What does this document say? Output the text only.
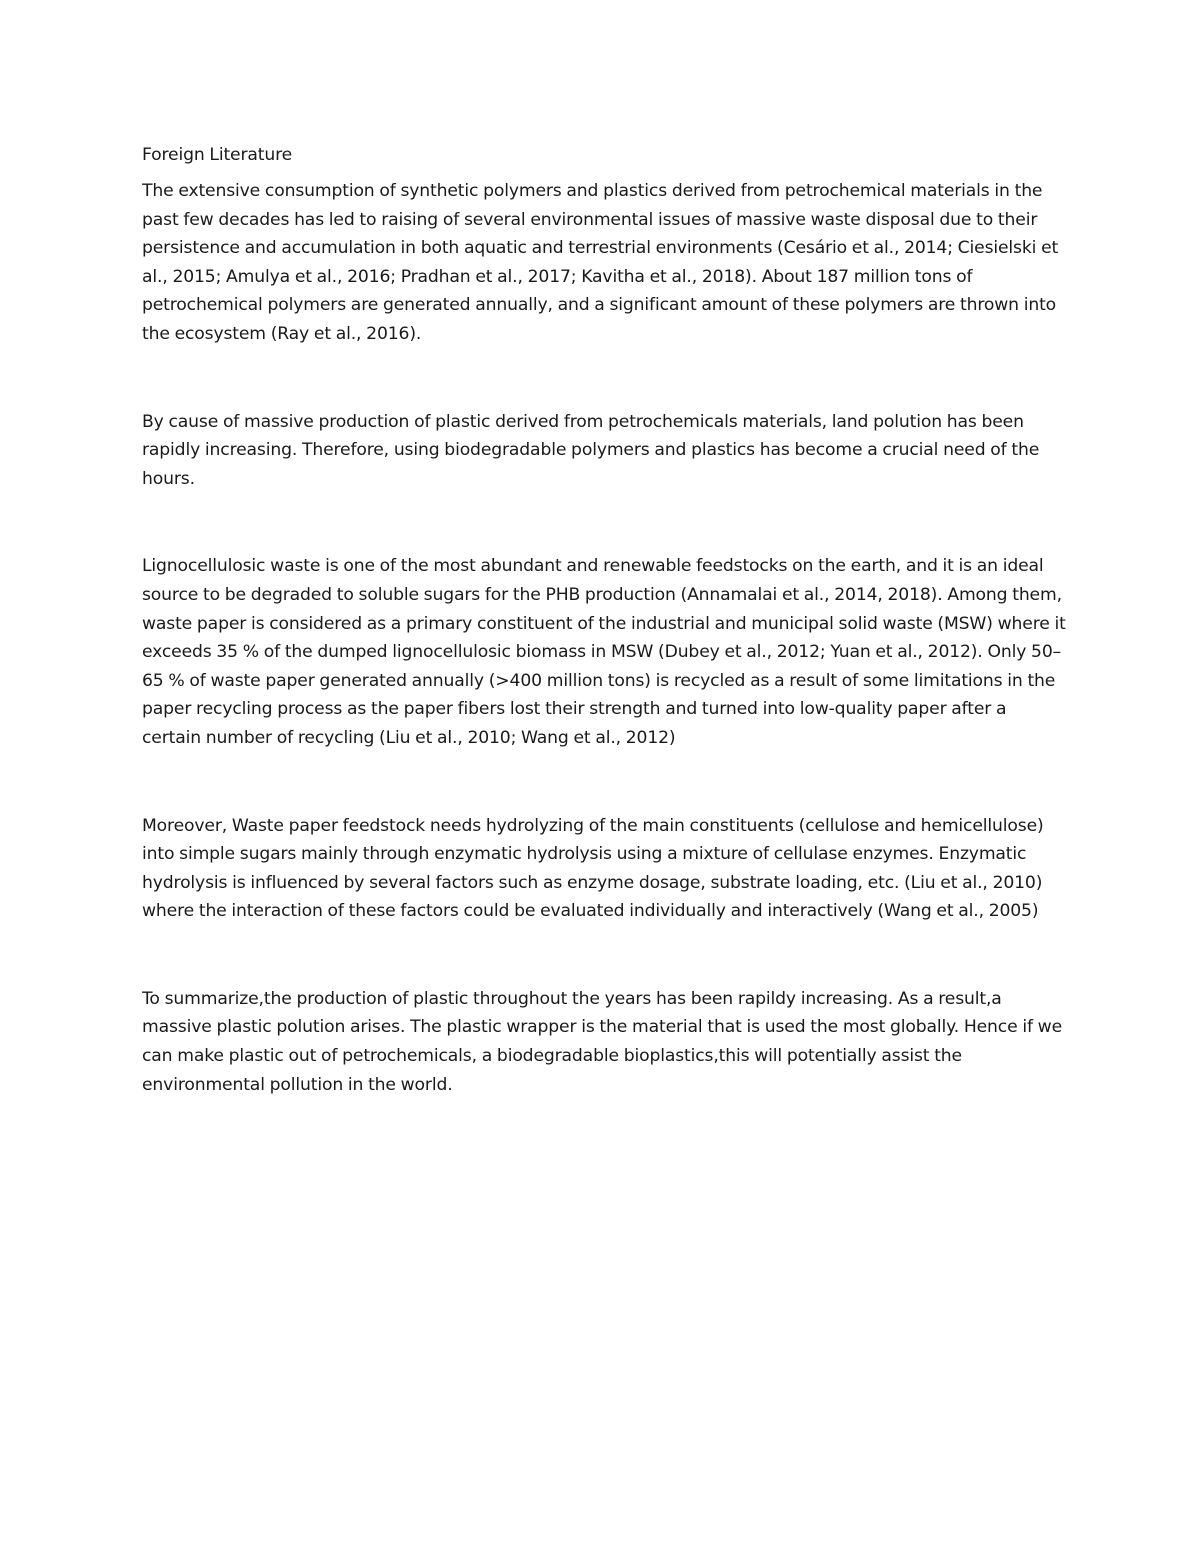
Foreign Literature

The extensive consumption of synthetic polymers and plastics derived from petrochemical materials in the past few decades has led to raising of several environmental issues of massive waste disposal due to their persistence and accumulation in both aquatic and terrestrial environments (Cesário et al., 2014; Ciesielski et al., 2015; Amulya et al., 2016; Pradhan et al., 2017; Kavitha et al., 2018). About 187 million tons of petrochemical polymers are generated annually, and a significant amount of these polymers are thrown into the ecosystem (Ray et al., 2016).

By cause of massive production of plastic derived from petrochemicals materials, land polution has been rapidly increasing. Therefore, using biodegradable polymers and plastics has become a crucial need of the hours.

Lignocellulosic waste is one of the most abundant and renewable feedstocks on the earth, and it is an ideal source to be degraded to soluble sugars for the PHB production (Annamalai et al., 2014, 2018). Among them, waste paper is considered as a primary constituent of the industrial and municipal solid waste (MSW) where it exceeds 35 % of the dumped lignocellulosic biomass in MSW (Dubey et al., 2012; Yuan et al., 2012). Only 50–65 % of waste paper generated annually (>400 million tons) is recycled as a result of some limitations in the paper recycling process as the paper fibers lost their strength and turned into low-quality paper after a certain number of recycling (Liu et al., 2010; Wang et al., 2012)

Moreover, Waste paper feedstock needs hydrolyzing of the main constituents (cellulose and hemicellulose) into simple sugars mainly through enzymatic hydrolysis using a mixture of cellulase enzymes. Enzymatic hydrolysis is influenced by several factors such as enzyme dosage, substrate loading, etc. (Liu et al., 2010) where the interaction of these factors could be evaluated individually and interactively (Wang et al., 2005)

To summarize,the production of plastic throughout the years has been rapildy increasing. As a result,a massive plastic polution arises. The plastic wrapper is the material that is used the most globally. Hence if we can make plastic out of petrochemicals, a biodegradable bioplastics,this will potentially assist the environmental pollution in the world.
